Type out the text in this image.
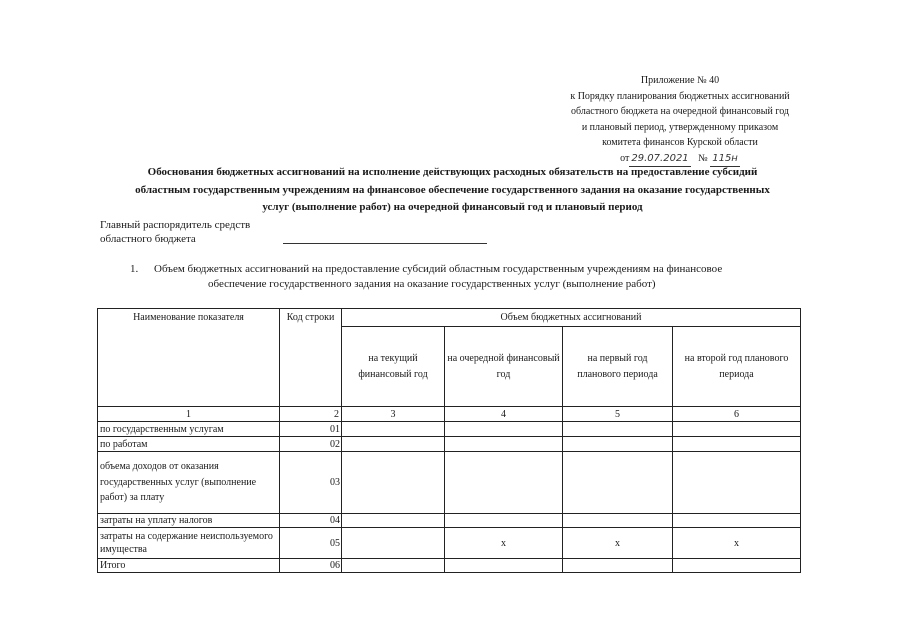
Приложение № 40
к Порядку планирования бюджетных ассигнований
областного бюджета на очередной финансовый год
и плановый период, утвержденному приказом
комитета финансов Курской области
от 29.07.2021 № 115н
Обоснования бюджетных ассигнований на исполнение действующих расходных обязательств на предоставление субсидий
областным государственным учреждениям на финансовое обеспечение государственного задания на оказание государственных
услуг (выполнение работ) на очередной финансовый год и плановый период
Главный распорядитель средств
областного бюджета
1. Объем бюджетных ассигнований на предоставление субсидий областным государственным учреждениям на финансовое
обеспечение государственного задания на оказание государственных услуг (выполнение работ)
Наименование показателя	Код строки	Объем бюджетных ассигнований			
		на текущий финансовый год	на очередной финансовый год	на первый год планового периода	на второй год планового периода
1	2	3	4	5	6
по государственным услугам	01				
по работам	02				
объема доходов от оказания государственных услуг (выполнение работ) за плату	03				
затраты на уплату налогов	04				
затраты на содержание неиспользуемого имущества	05		х	х	х
Итого	06				
